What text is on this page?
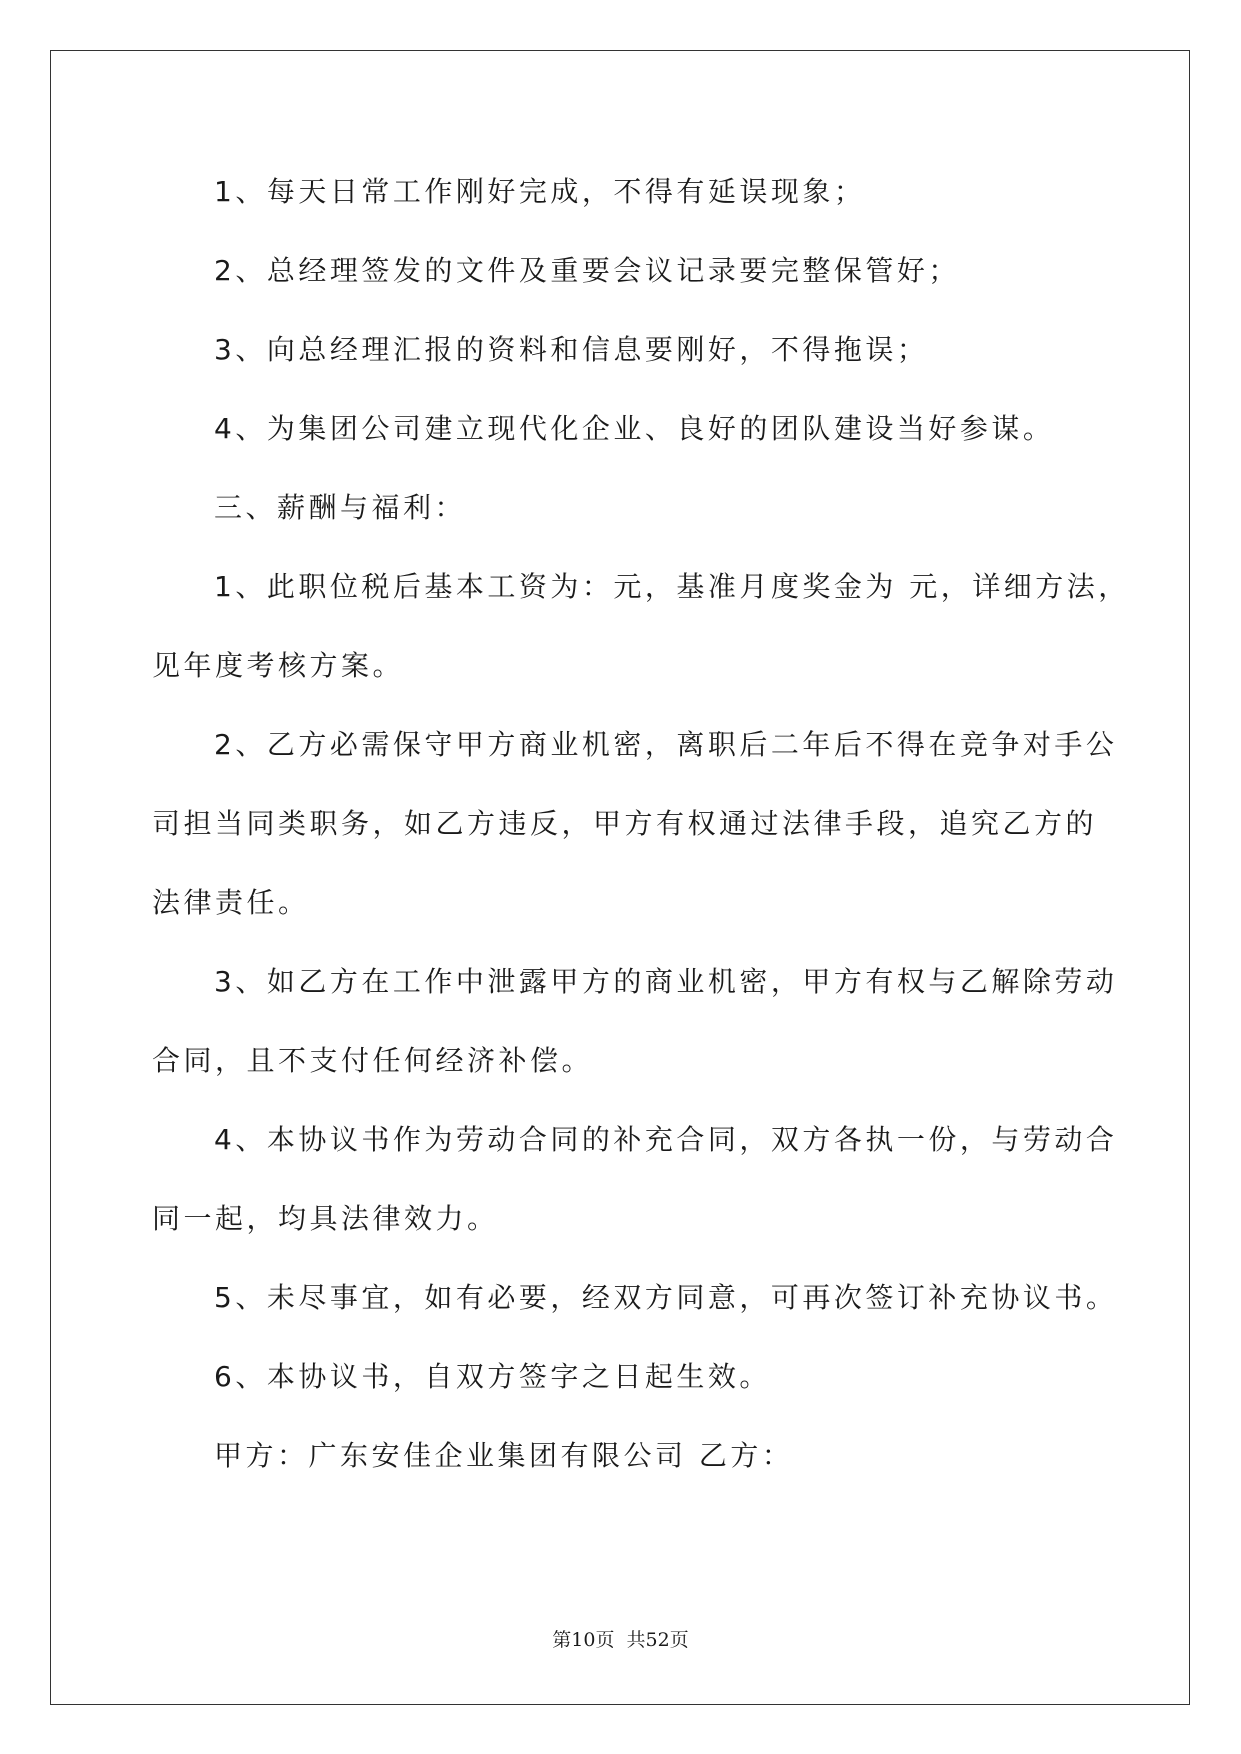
1、每天日常工作刚好完成，不得有延误现象；
2、总经理签发的文件及重要会议记录要完整保管好；
3、向总经理汇报的资料和信息要刚好，不得拖误；
4、为集团公司建立现代化企业、良好的团队建设当好参谋。
三、薪酬与福利：
1、此职位税后基本工资为：元，基准月度奖金为 元，详细方法，
见年度考核方案。
2、乙方必需保守甲方商业机密，离职后二年后不得在竞争对手公
司担当同类职务，如乙方违反，甲方有权通过法律手段，追究乙方的
法律责任。
3、如乙方在工作中泄露甲方的商业机密，甲方有权与乙解除劳动
合同，且不支付任何经济补偿。
4、本协议书作为劳动合同的补充合同，双方各执一份，与劳动合
同一起，均具法律效力。
5、未尽事宜，如有必要，经双方同意，可再次签订补充协议书。
6、本协议书，自双方签字之日起生效。
甲方：广东安佳企业集团有限公司 乙方：
第10页 共52页
